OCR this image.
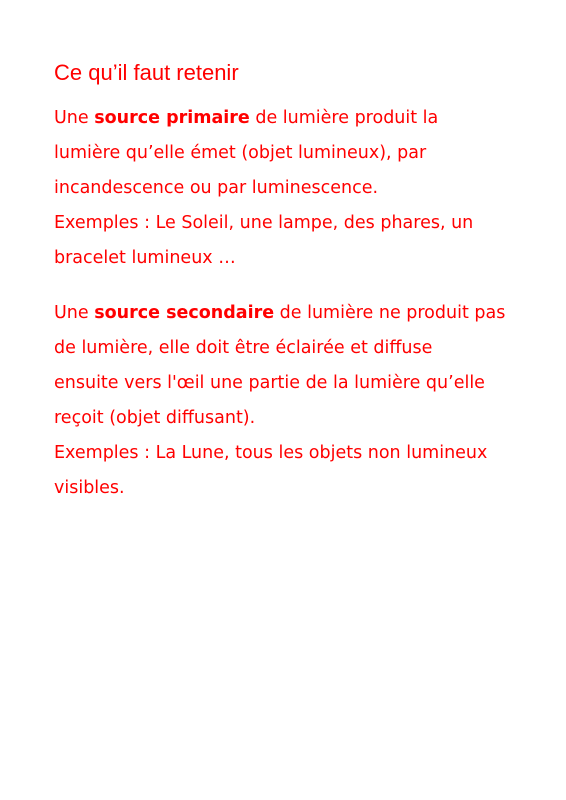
Ce qu’il faut retenir

Une source primaire de lumière produit la
lumière qu’elle émet (objet lumineux), par
incandescence ou par luminescence.
Exemples : Le Soleil, une lampe, des phares, un
bracelet lumineux …

Une source secondaire de lumière ne produit pas
de lumière, elle doit être éclairée et diffuse
ensuite vers l'œil une partie de la lumière qu’elle
reçoit (objet diffusant).
Exemples : La Lune, tous les objets non lumineux
visibles.
